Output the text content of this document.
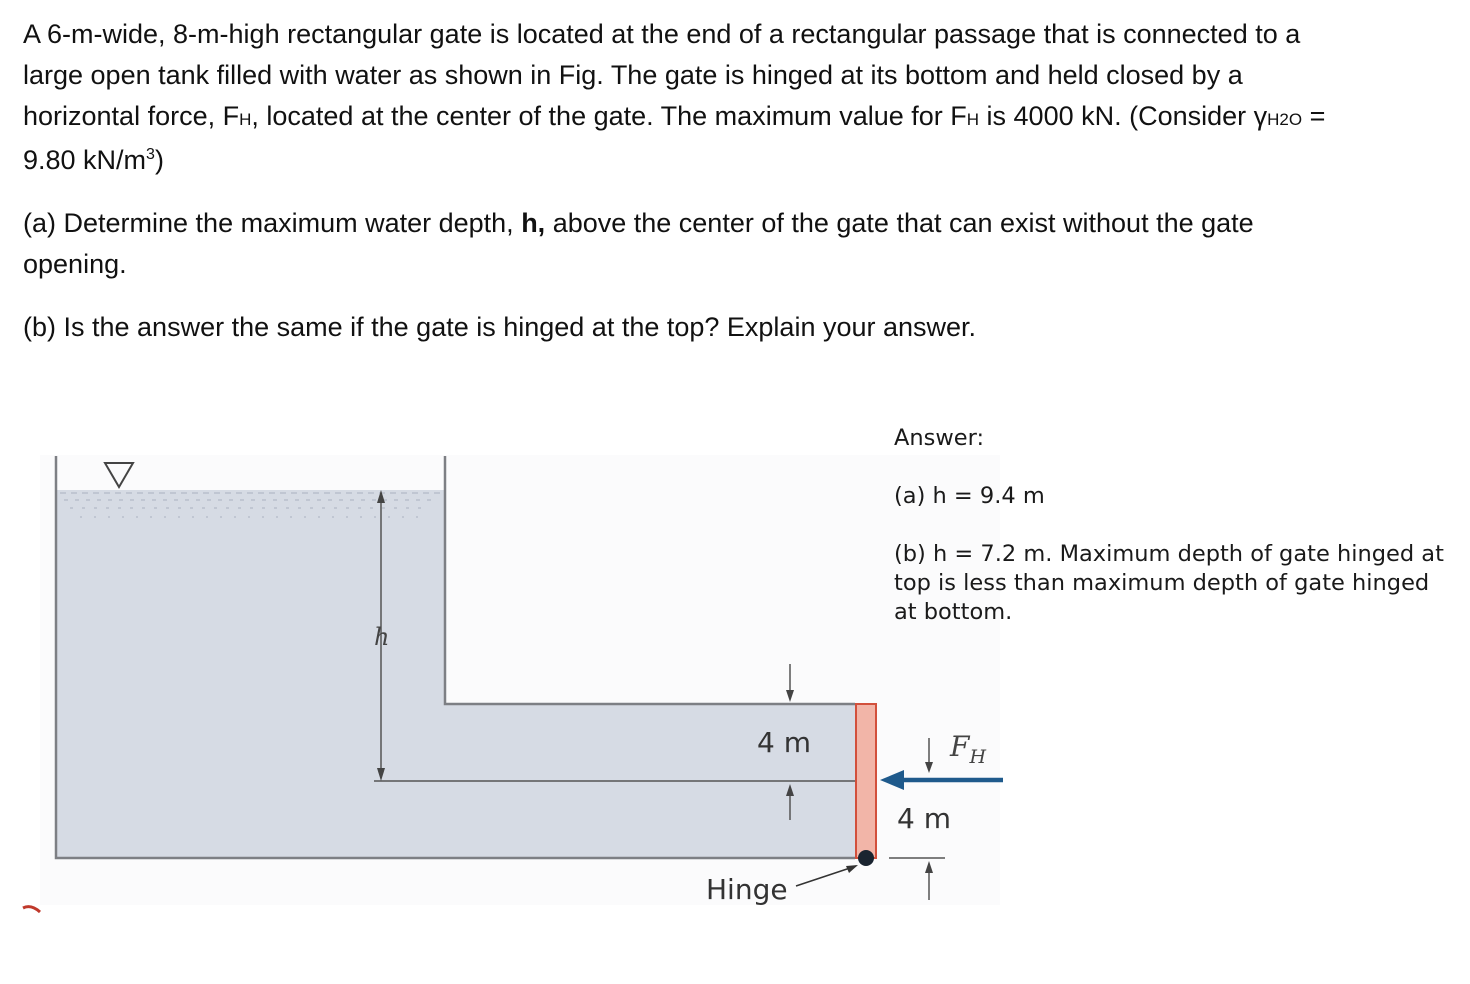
A 6-m-wide, 8-m-high rectangular gate is located at the end of a rectangular passage that is connected to a large open tank filled with water as shown in Fig. The gate is hinged at its bottom and held closed by a horizontal force, FH, located at the center of the gate. The maximum value for FH is 4000 kN. (Consider γH2O = 9.80 $kN/m^3$)

(a) Determine the maximum water depth, h, above the center of the gate that can exist without the gate opening.

(b) Is the answer the same if the gate is hinged at the top? Explain your answer.

h
4 m
Hinge
$F_H$
4 m

Answer:

(a) h = 9.4 m

(b) h = 7.2 m. Maximum depth of gate hinged at top is less than maximum depth of gate hinged at bottom.
